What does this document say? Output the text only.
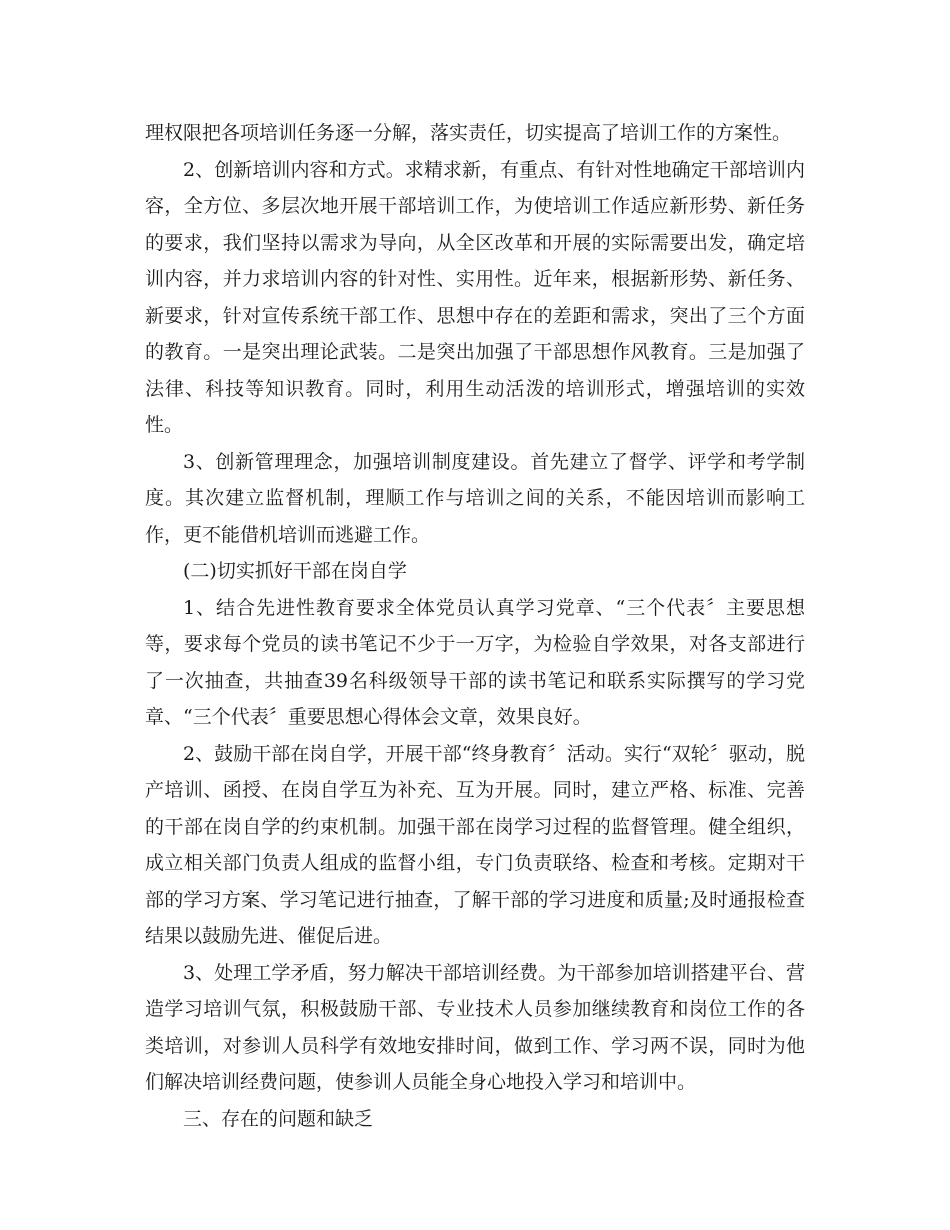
理权限把各项培训任务逐一分解，落实责任，切实提高了培训工作的方案性。

2、创新培训内容和方式。求精求新，有重点、有针对性地确定干部培训内容，全方位、多层次地开展干部培训工作，为使培训工作适应新形势、新任务的要求，我们坚持以需求为导向，从全区改革和开展的实际需要出发，确定培训内容，并力求培训内容的针对性、实用性。近年来，根据新形势、新任务、新要求，针对宣传系统干部工作、思想中存在的差距和需求，突出了三个方面的教育。一是突出理论武装。二是突出加强了干部思想作风教育。三是加强了法律、科技等知识教育。同时，利用生动活泼的培训形式，增强培训的实效性。

3、创新管理理念，加强培训制度建设。首先建立了督学、评学和考学制度。其次建立监督机制，理顺工作与培训之间的关系，不能因培训而影响工作，更不能借机培训而逃避工作。

(二)切实抓好干部在岗自学

1、结合先进性教育要求全体党员认真学习党章、“三个代表〞主要思想等，要求每个党员的读书笔记不少于一万字，为检验自学效果，对各支部进行了一次抽查，共抽查39名科级领导干部的读书笔记和联系实际撰写的学习党章、“三个代表〞重要思想心得体会文章，效果良好。

2、鼓励干部在岗自学，开展干部“终身教育〞活动。实行“双轮〞驱动，脱产培训、函授、在岗自学互为补充、互为开展。同时，建立严格、标准、完善的干部在岗自学的约束机制。加强干部在岗学习过程的监督管理。健全组织，成立相关部门负责人组成的监督小组，专门负责联络、检查和考核。定期对干部的学习方案、学习笔记进行抽查，了解干部的学习进度和质量;及时通报检查结果以鼓励先进、催促后进。

3、处理工学矛盾，努力解决干部培训经费。为干部参加培训搭建平台、营造学习培训气氛，积极鼓励干部、专业技术人员参加继续教育和岗位工作的各类培训，对参训人员科学有效地安排时间，做到工作、学习两不误，同时为他们解决培训经费问题，使参训人员能全身心地投入学习和培训中。

三、存在的问题和缺乏
